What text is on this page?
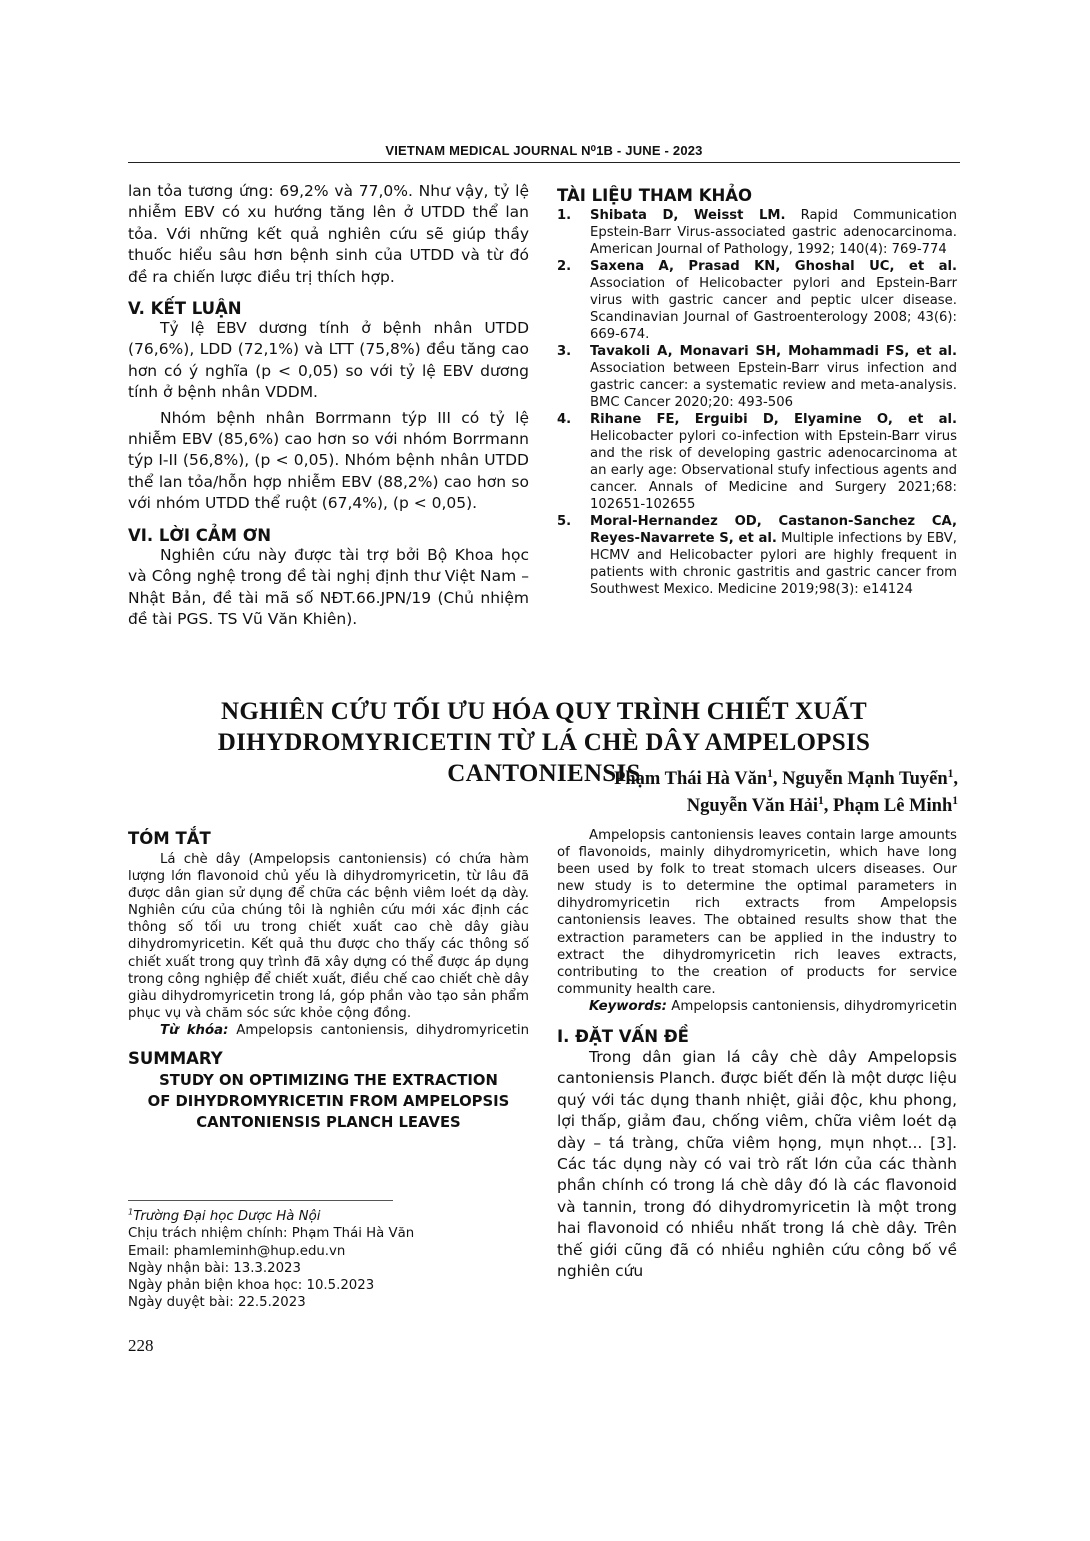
VIETNAM MEDICAL JOURNAL N⁰1B - JUNE - 2023

lan tỏa tương ứng: 69,2% và 77,0%. Như vậy, tỷ lệ nhiễm EBV có xu hướng tăng lên ở UTDD thể lan tỏa. Với những kết quả nghiên cứu sẽ giúp thầy thuốc hiểu sâu hơn bệnh sinh của UTDD và từ đó đề ra chiến lược điều trị thích hợp.

V. KẾT LUẬN

Tỷ lệ EBV dương tính ở bệnh nhân UTDD (76,6%), LDD (72,1%) và LTT (75,8%) đều tăng cao hơn có ý nghĩa (p < 0,05) so với tỷ lệ EBV dương tính ở bệnh nhân VDDM.

Nhóm bệnh nhân Borrmann týp III có tỷ lệ nhiễm EBV (85,6%) cao hơn so với nhóm Borrmann týp I-II (56,8%), (p < 0,05). Nhóm bệnh nhân UTDD thể lan tỏa/hỗn hợp nhiễm EBV (88,2%) cao hơn so với nhóm UTDD thể ruột (67,4%), (p < 0,05).

VI. LỜI CẢM ƠN

Nghiên cứu này được tài trợ bởi Bộ Khoa học và Công nghệ trong đề tài nghị định thư Việt Nam – Nhật Bản, đề tài mã số NĐT.66.JPN/19 (Chủ nhiệm đề tài PGS. TS Vũ Văn Khiên).

TÀI LIỆU THAM KHẢO
1.	Shibata D, Weisst LM. Rapid Communication Epstein-Barr Virus-associated gastric adenocarcinoma. American Journal of Pathology, 1992; 140(4): 769-774
2.	Saxena A, Prasad KN, Ghoshal UC, et al. Association of Helicobacter pylori and Epstein-Barr virus with gastric cancer and peptic ulcer disease. Scandinavian Journal of Gastroenterology 2008; 43(6): 669-674.
3.	Tavakoli A, Monavari SH, Mohammadi FS, et al. Association between Epstein-Barr virus infection and gastric cancer: a systematic review and meta-analysis. BMC Cancer 2020;20: 493-506
4.	Rihane FE, Erguibi D, Elyamine O, et al. Helicobacter pylori co-infection with Epstein-Barr virus and the risk of developing gastric adenocarcinoma at an early age: Observational stufy infectious agents and cancer. Annals of Medicine and Surgery 2021;68: 102651-102655
5.	Moral-Hernandez OD, Castanon-Sanchez CA, Reyes-Navarrete S, et al. Multiple infections by EBV, HCMV and Helicobacter pylori are highly frequent in patients with chronic gastritis and gastric cancer from Southwest Mexico. Medicine 2019;98(3): e14124
NGHIÊN CỨU TỐI ƯU HÓA QUY TRÌNH CHIẾT XUẤT
DIHYDROMYRICETIN TỪ LÁ CHÈ DÂY AMPELOPSIS CANTONIENSIS
Phạm Thái Hà Văn$^1$, Nguyễn Mạnh Tuyển$^1$,
Nguyễn Văn Hải$^1$, Phạm Lê Minh$^1$
TÓM TẮT

Lá chè dây (Ampelopsis cantoniensis) có chứa hàm lượng lớn flavonoid chủ yếu là dihydromyricetin, từ lâu đã được dân gian sử dụng để chữa các bệnh viêm loét dạ dày. Nghiên cứu của chúng tôi là nghiên cứu mới xác định các thông số tối ưu trong chiết xuất cao chè dây giàu dihydromyricetin. Kết quả thu được cho thấy các thông số chiết xuất trong quy trình đã xây dựng có thể được áp dụng trong công nghiệp để chiết xuất, điều chế cao chiết chè dây giàu dihydromyricetin trong lá, góp phần vào tạo sản phẩm phục vụ và chăm sóc sức khỏe cộng đồng.

Từ khóa: Ampelopsis cantoniensis, dihydromyricetin

SUMMARY

STUDY ON OPTIMIZING THE EXTRACTION

OF DIHYDROMYRICETIN FROM AMPELOPSIS

CANTONIENSIS PLANCH LEAVES

$^1$Trường Đại học Dược Hà Nội
Chịu trách nhiệm chính: Phạm Thái Hà Văn
Email: phamleminh@hup.edu.vn
Ngày nhận bài: 13.3.2023
Ngày phản biện khoa học: 10.5.2023
Ngày duyệt bài: 22.5.2023
228

Ampelopsis cantoniensis leaves contain large amounts of flavonoids, mainly dihydromyricetin, which have long been used by folk to treat stomach ulcers diseases. Our new study is to determine the optimal parameters in dihydromyricetin rich extracts from Ampelopsis cantoniensis leaves. The obtained results show that the extraction parameters can be applied in the industry to extract the dihydromyricetin rich leaves extracts, contributing to the creation of products for service community health care.

Keywords: Ampelopsis cantoniensis, dihydromyricetin

I. ĐẶT VẤN ĐỀ

Trong dân gian lá cây chè dây Ampelopsis cantoniensis Planch. được biết đến là một dược liệu quý với tác dụng thanh nhiệt, giải độc, khu phong, lợi thấp, giảm đau, chống viêm, chữa viêm loét dạ dày – tá tràng, chữa viêm họng, mụn nhọt... [3]. Các tác dụng này có vai trò rất lớn của các thành phần chính có trong lá chè dây đó là các flavonoid và tannin, trong đó dihydromyricetin là một trong hai flavonoid có nhiều nhất trong lá chè dây. Trên thế giới cũng đã có nhiều nghiên cứu công bố về nghiên cứu
